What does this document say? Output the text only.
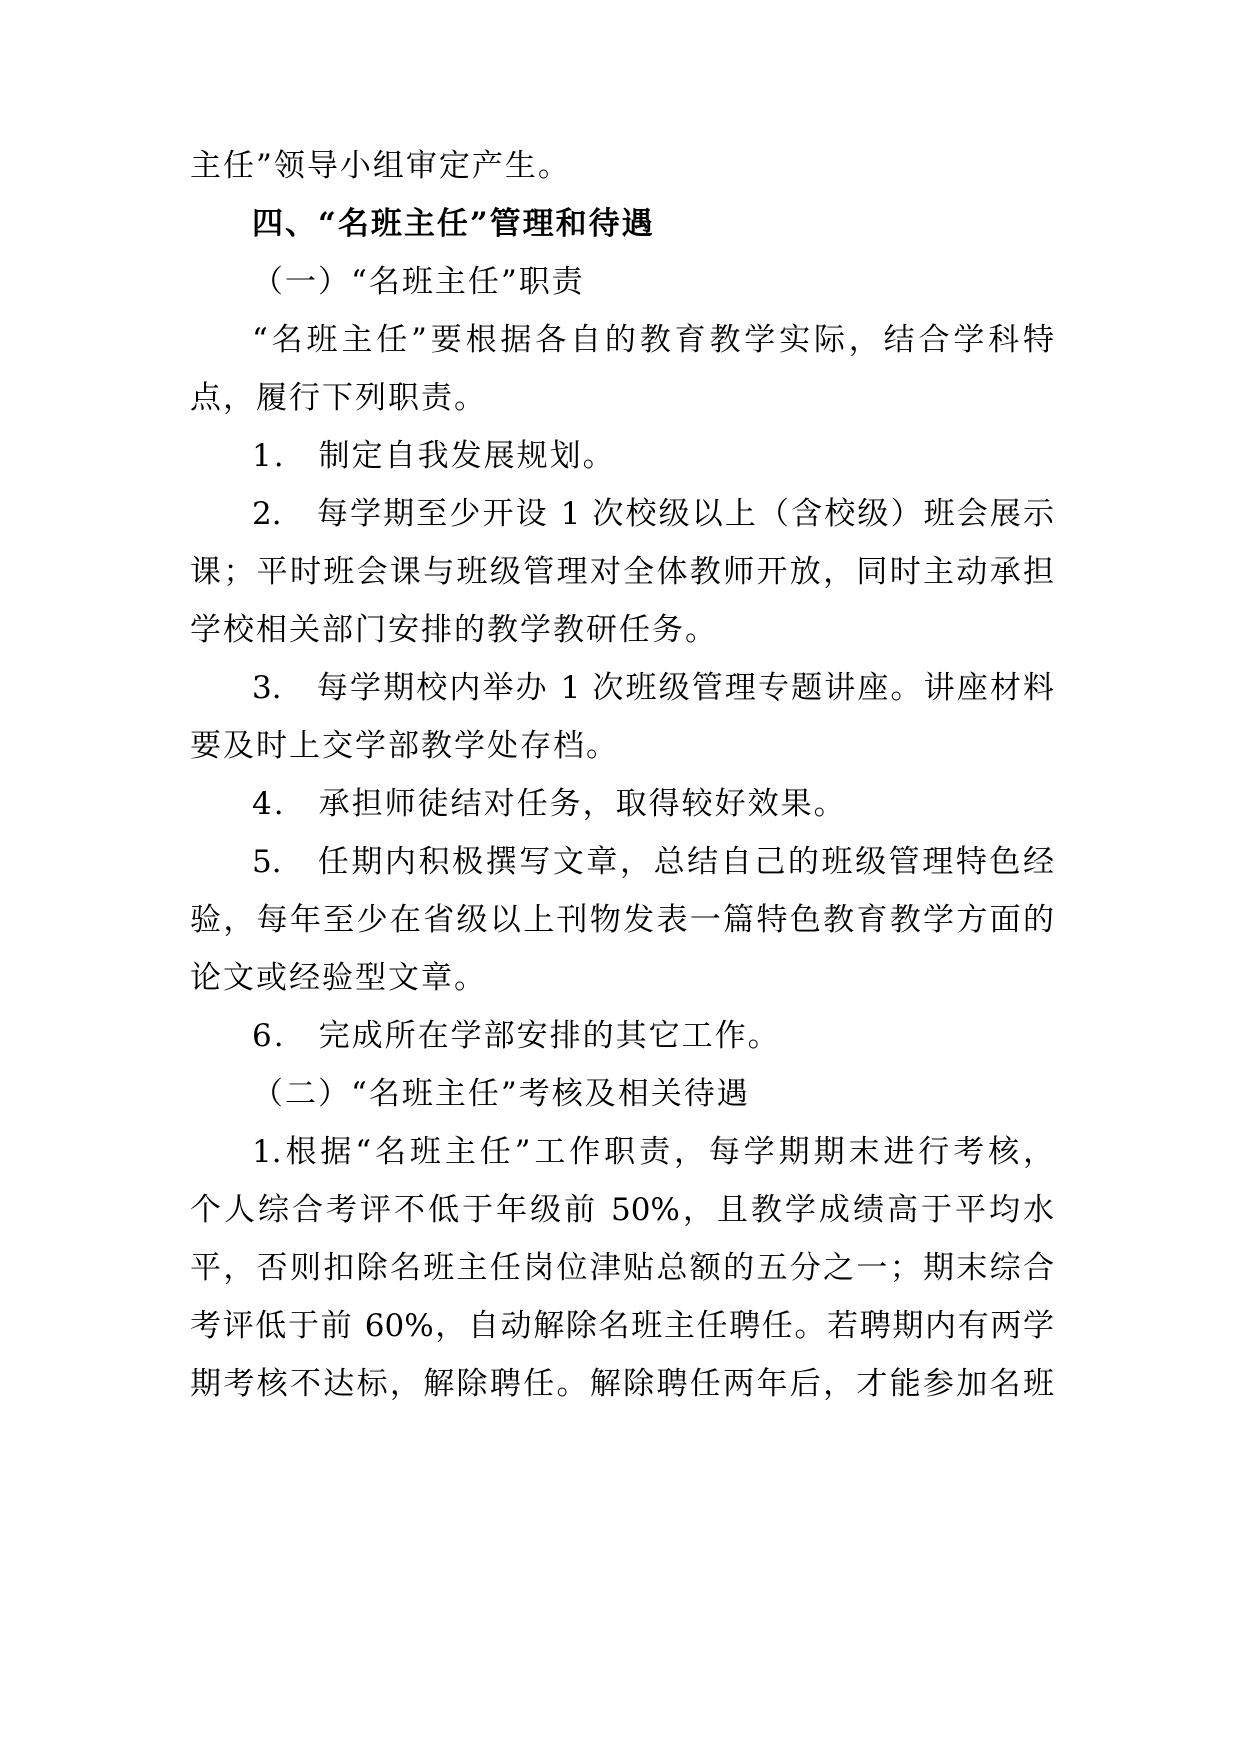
主任”领导小组审定产生。
四、“名班主任”管理和待遇
（一）“名班主任”职责
“名班主任”要根据各自的教育教学实际，结合学科特
点，履行下列职责。
1.　制定自我发展规划。
2.　每学期至少开设 1 次校级以上（含校级）班会展示
课；平时班会课与班级管理对全体教师开放，同时主动承担
学校相关部门安排的教学教研任务。
3.　每学期校内举办 1 次班级管理专题讲座。讲座材料
要及时上交学部教学处存档。
4.　承担师徒结对任务，取得较好效果。
5.　任期内积极撰写文章，总结自己的班级管理特色经
验，每年至少在省级以上刊物发表一篇特色教育教学方面的
论文或经验型文章。
6.　完成所在学部安排的其它工作。
（二）“名班主任”考核及相关待遇
1.根据“名班主任”工作职责，每学期期末进行考核，
个人综合考评不低于年级前 50%，且教学成绩高于平均水
平，否则扣除名班主任岗位津贴总额的五分之一；期末综合
考评低于前 60%，自动解除名班主任聘任。若聘期内有两学
期考核不达标，解除聘任。解除聘任两年后，才能参加名班
